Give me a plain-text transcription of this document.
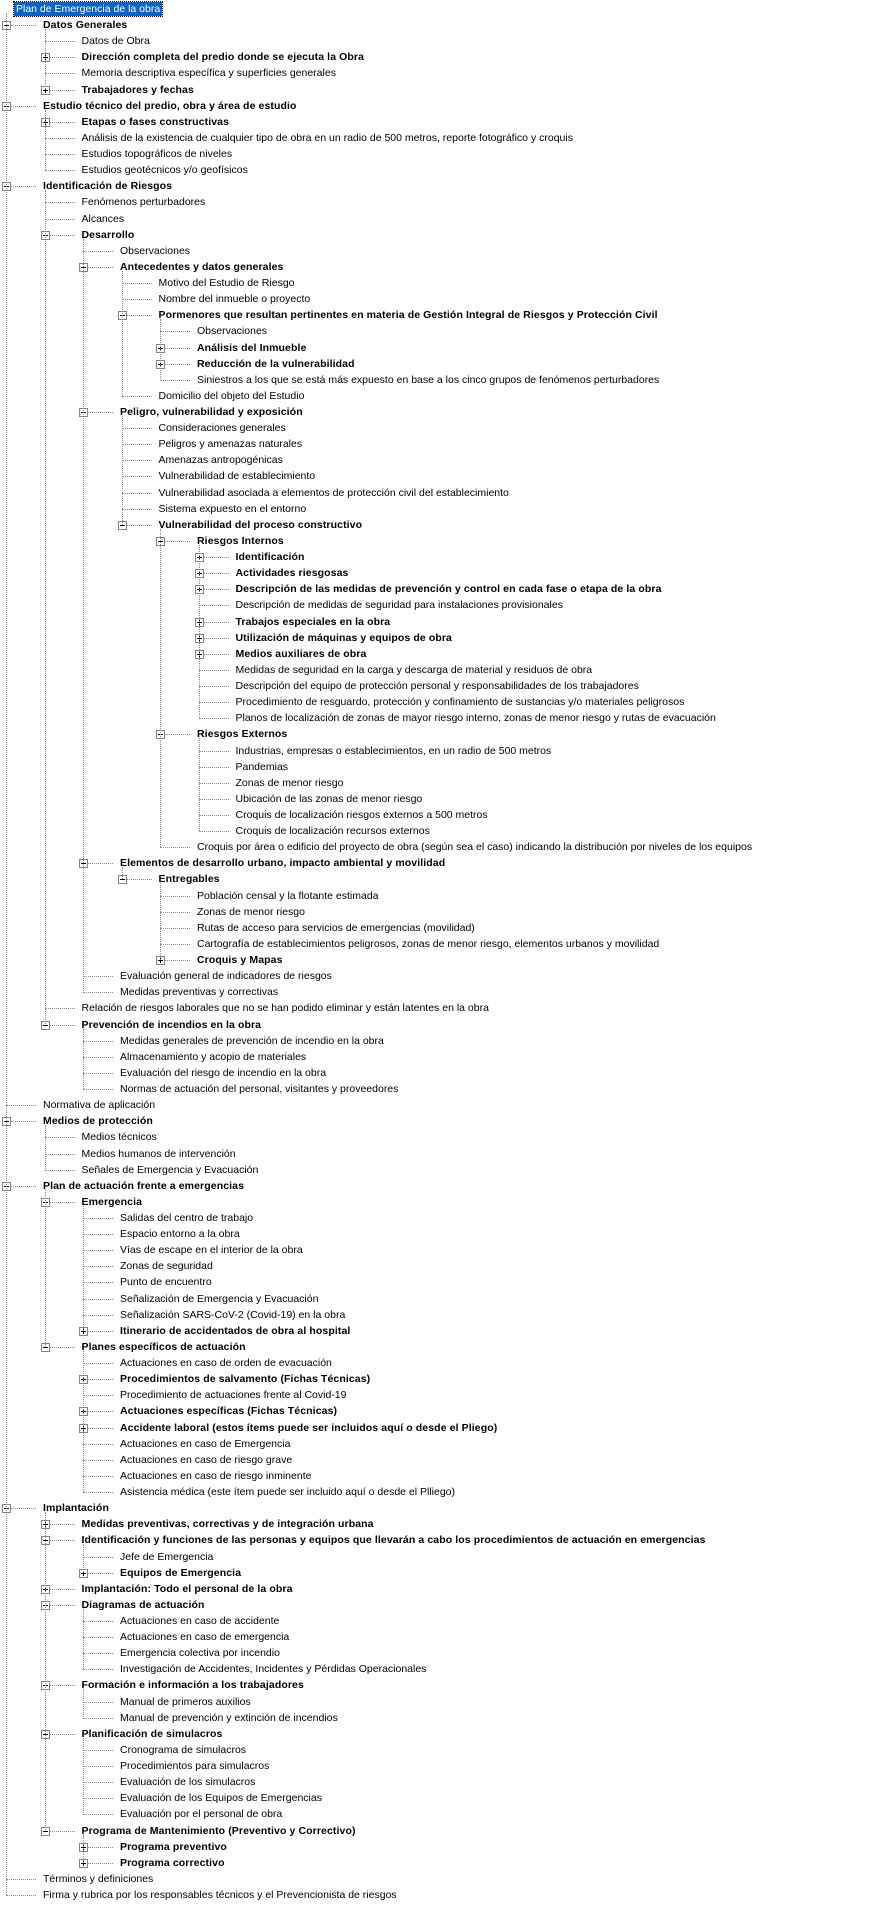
Plan de Emergencia de la obra
Datos Generales
Datos de Obra
Dirección completa del predio donde se ejecuta la Obra
Memoria descriptiva específica y superficies generales
Trabajadores y fechas
Estudio técnico del predio, obra y área de estudio
Etapas o fases constructivas
Análisis de la existencia de cualquier tipo de obra en un radio de 500 metros, reporte fotográfico y croquis
Estudios topográficos de niveles
Estudios geotécnicos y/o geofísicos
Identificación de Riesgos
Fenómenos perturbadores
Alcances
Desarrollo
Observaciones
Antecedentes y datos generales
Motivo del Estudio de Riesgo
Nombre del inmueble o proyecto
Pormenores que resultan pertinentes en materia de Gestión Integral de Riesgos y Protección Civil
Observaciones
Análisis del Inmueble
Reducción de la vulnerabilidad
Siniestros a los que se está más expuesto en base a los cinco grupos de fenómenos perturbadores
Domicilio del objeto del Estudio
Peligro, vulnerabilidad y exposición
Consideraciones generales
Peligros y amenazas naturales
Amenazas antropogénicas
Vulnerabilidad de establecimiento
Vulnerabilidad asociada a elementos de protección civil del establecimiento
Sistema expuesto en el entorno
Vulnerabilidad del proceso constructivo
Riesgos Internos
Identificación
Actividades riesgosas
Descripción de las medidas de prevención y control en cada fase o etapa de la obra
Descripción de medidas de seguridad para instalaciones provisionales
Trabajos especiales en la obra
Utilización de máquinas y equipos de obra
Medios auxiliares de obra
Medidas de seguridad en la carga y descarga de material y residuos de obra
Descripción del equipo de protección personal y responsabilidades de los trabajadores
Procedimiento de resguardo, protección y confinamiento de sustancias y/o materiales peligrosos
Planos de localización de zonas de mayor riesgo interno, zonas de menor riesgo y rutas de evacuación
Riesgos Externos
Industrias, empresas o establecimientos, en un radio de 500 metros
Pandemias
Zonas de menor riesgo
Ubicación de las zonas de menor riesgo
Croquis de localización riesgos externos a 500 metros
Croquis de localización recursos externos
Croquis por área o edificio del proyecto de obra (según sea el caso) indicando la distribución por niveles de los equipos
Elementos de desarrollo urbano, impacto ambiental y movilidad
Entregables
Población censal y la flotante estimada
Zonas de menor riesgo
Rutas de acceso para servicios de emergencias (movilidad)
Cartografía de establecimientos peligrosos, zonas de menor riesgo, elementos urbanos y movilidad
Croquis y Mapas
Evaluación general de indicadores de riesgos
Medidas preventivas y correctivas
Relación de riesgos laborales que no se han podido eliminar y están latentes en la obra
Prevención de incendios en la obra
Medidas generales de prevención de incendio en la obra
Almacenamiento y acopio de materiales
Evaluación del riesgo de incendio en la obra
Normas de actuación del personal, visitantes y proveedores
Normativa de aplicación
Medios de protección
Medios técnicos
Medios humanos de intervención
Señales de Emergencia y Evacuación
Plan de actuación frente a emergencias
Emergencia
Salidas del centro de trabajo
Espacio entorno a la obra
Vías de escape en el interior de la obra
Zonas de seguridad
Punto de encuentro
Señalización de Emergencia y Evacuación
Señalización SARS-CoV-2 (Covid-19) en la obra
Itinerario de accidentados de obra al hospital
Planes específicos de actuación
Actuaciones en caso de orden de evacuación
Procedimientos de salvamento (Fichas Técnicas)
Procedimiento de actuaciones frente al Covid-19
Actuaciones específicas (Fichas Técnicas)
Accidente laboral (estos ítems puede ser incluidos aquí o desde el Pliego)
Actuaciones en caso de Emergencia
Actuaciones en caso de riesgo grave
Actuaciones en caso de riesgo inminente
Asistencia médica (este ítem puede ser incluido aquí o desde el Plliego)
Implantación
Medidas preventivas, correctivas y de integración urbana
Identificación y funciones de las personas y equipos que llevarán a cabo los procedimientos de actuación en emergencias
Jefe de Emergencia
Equipos de Emergencia
Implantación: Todo el personal de la obra
Diagramas de actuación
Actuaciones en caso de accidente
Actuaciones en caso de emergencia
Emergencia colectiva por incendio
Investigación de Accidentes, Incidentes y Pérdidas Operacionales
Formación e información a los trabajadores
Manual de primeros auxilios
Manual de prevención y extinción de incendios
Planificación de simulacros
Cronograma de simulacros
Procedimientos para simulacros
Evaluación de los simulacros
Evaluación de los Equipos de Emergencias
Evaluación por el personal de obra
Programa de Mantenimiento (Preventivo y Correctivo)
Programa preventivo
Programa correctivo
Términos y definiciones
Firma y rubrica por los responsables técnicos y el Prevencionista de riesgos
